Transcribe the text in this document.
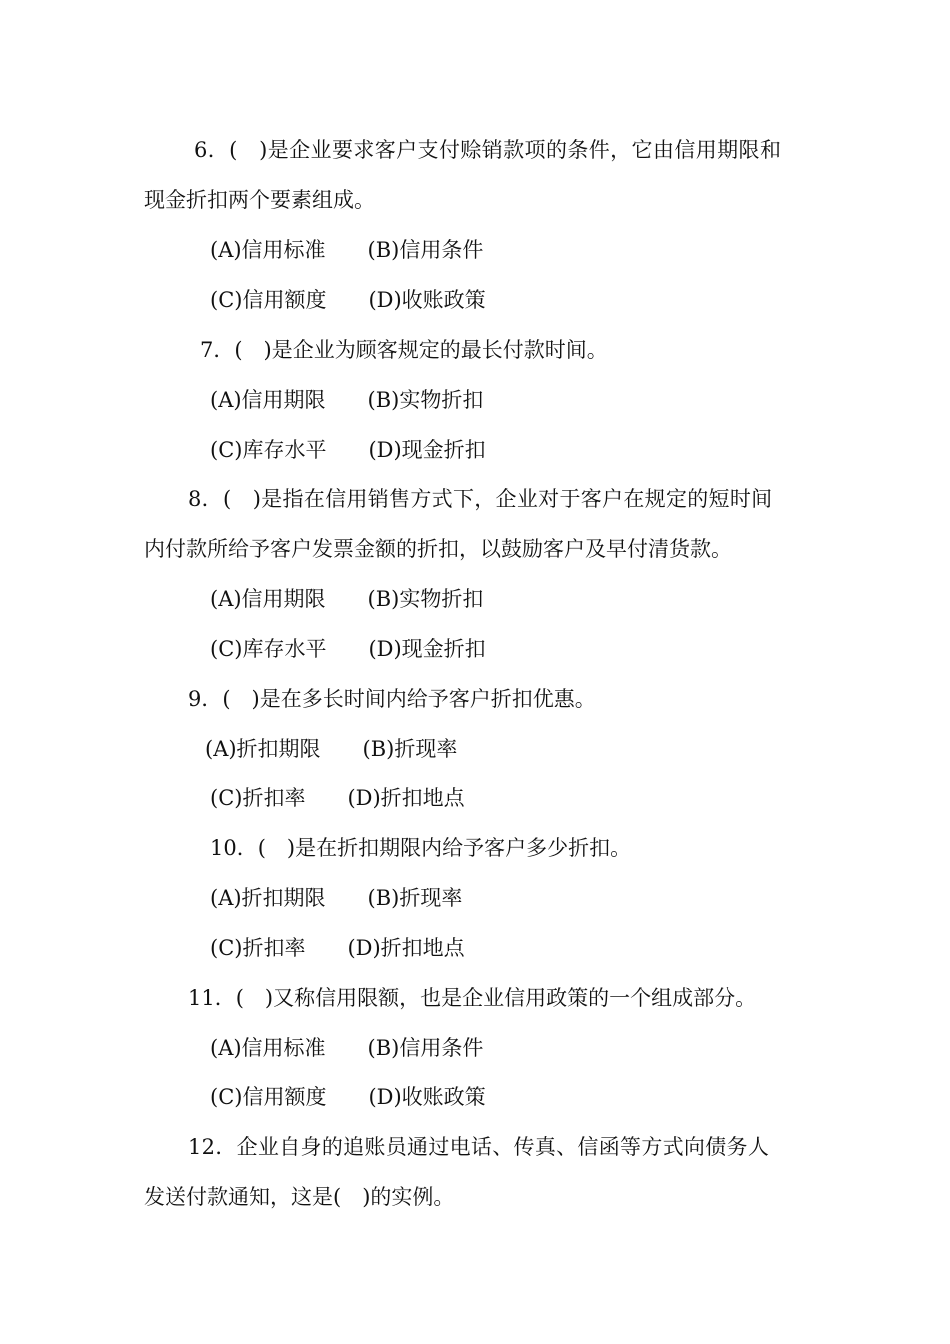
6．(　)是企业要求客户支付赊销款项的条件，它由信用期限和
现金折扣两个要素组成。
(A)信用标准　　(B)信用条件
(C)信用额度　　(D)收账政策
7．(　)是企业为顾客规定的最长付款时间。
(A)信用期限　　(B)实物折扣
(C)库存水平　　(D)现金折扣
8．(　)是指在信用销售方式下，企业对于客户在规定的短时间
内付款所给予客户发票金额的折扣，以鼓励客户及早付清货款。
(A)信用期限　　(B)实物折扣
(C)库存水平　　(D)现金折扣
9．(　)是在多长时间内给予客户折扣优惠。
(A)折扣期限　　(B)折现率
(C)折扣率　　(D)折扣地点
10．(　)是在折扣期限内给予客户多少折扣。
(A)折扣期限　　(B)折现率
(C)折扣率　　(D)折扣地点
11．(　)又称信用限额，也是企业信用政策的一个组成部分。
(A)信用标准　　(B)信用条件
(C)信用额度　　(D)收账政策
12．企业自身的追账员通过电话、传真、信函等方式向债务人
发送付款通知，这是(　)的实例。
